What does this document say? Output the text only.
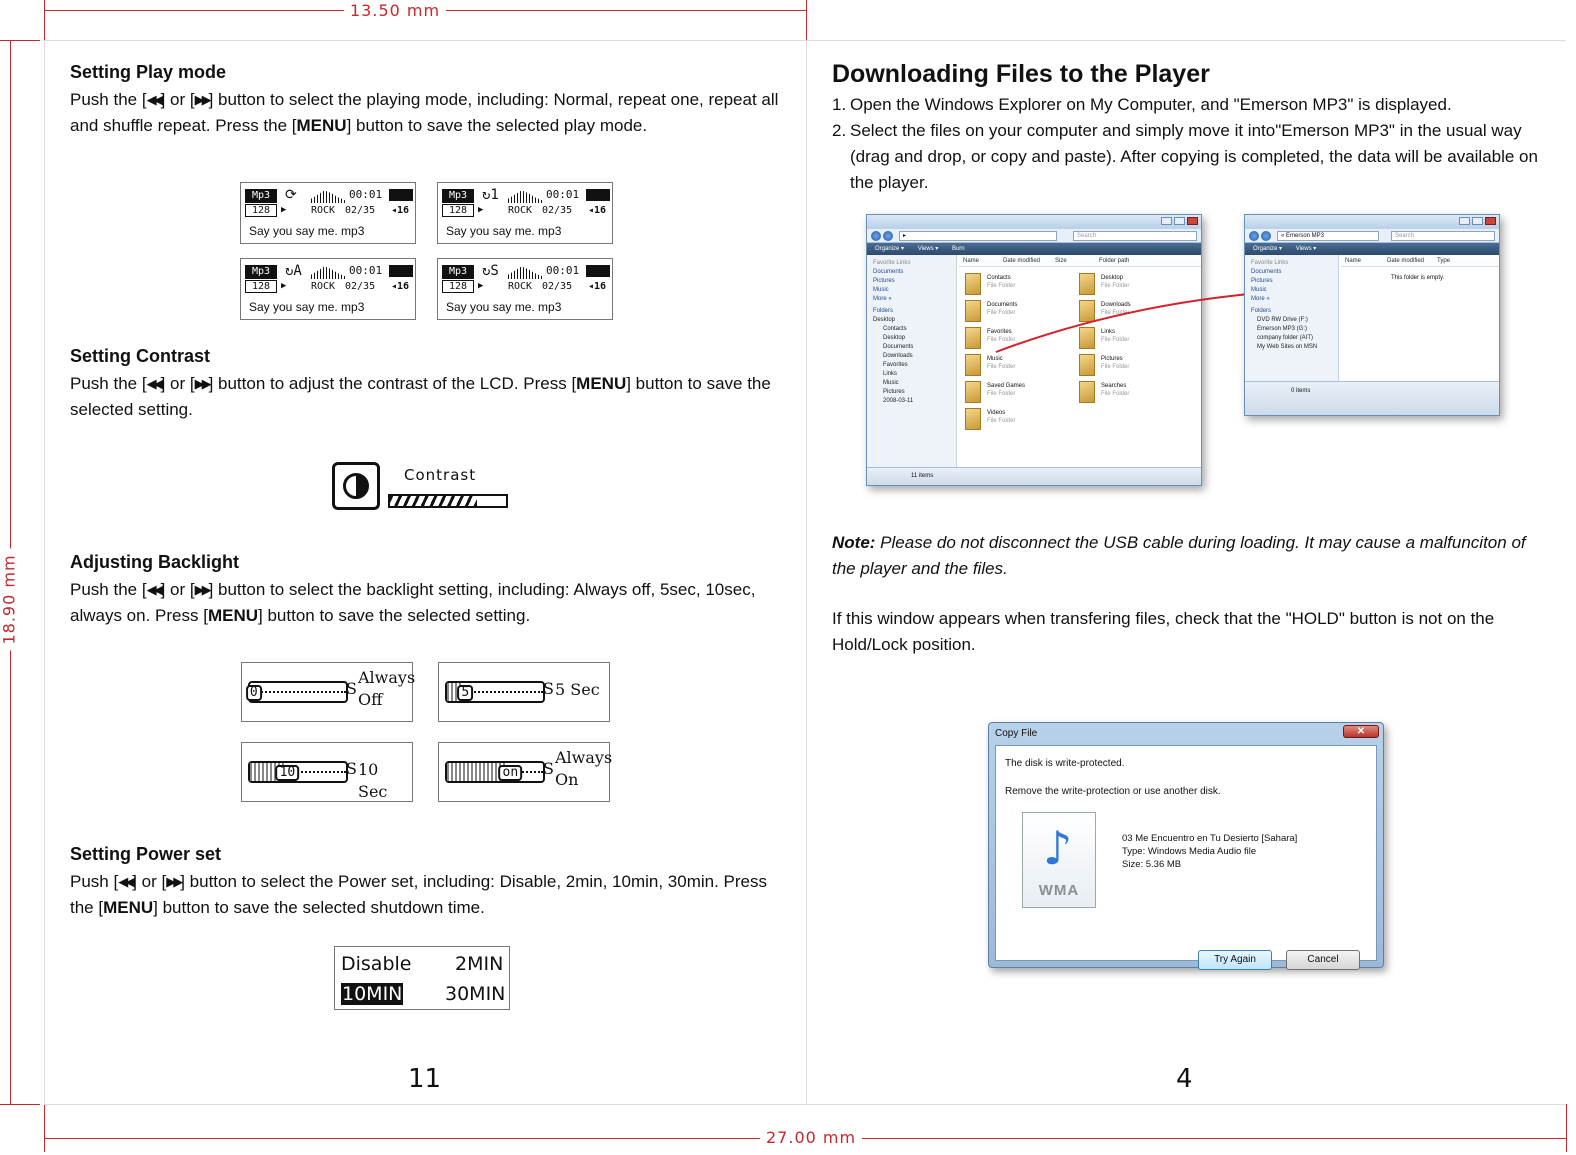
13.50 mm
18.90 mm
27.00 mm
Setting Play mode
Push the [◀◀] or [▶▶] button to select the playing mode, including: Normal, repeat one, repeat all and shuffle repeat. Press the [MENU] button to save the selected play mode.
Mp3
128
⟳	00:01
▶ ROCK 02/35 ◂16
Say you say me. mp3
Mp3
128
↻1	00:01
▶ ROCK 02/35 ◂16
Say you say me. mp3
Mp3
128
↻A	00:01
▶ ROCK 02/35 ◂16
Say you say me. mp3
Mp3
128
↻S	00:01
▶ ROCK 02/35 ◂16
Say you say me. mp3
Setting Contrast
Push the [◀◀] or [▶▶] button to adjust the contrast of the LCD. Press [MENU] button to save the selected setting.
Contrast
Adjusting Backlight
Push the [◀◀] or [▶▶] button to select the backlight setting, including: Always off, 5sec, 10sec, always on. Press [MENU] button to save the selected setting.
0	S
Always
Off	5	S 5 Sec
10	S 10 Sec
on S
Always
On
Setting Power set
Push [◀◀] or [▶▶] button to select the Power set, including: Disable, 2min, 10min, 30min. Press the [MENU] button to save the selected shutdown time.
Disable 2MIN
10MIN 30MIN
11
Downloading Files to the Player
1. Open the Windows Explorer on My Computer, and "Emerson MP3" is displayed.
2. Select the files on your computer and simply move it into"Emerson MP3" in the usual way (drag and drop, or copy and paste). After copying is completed, the data will be available on the player.
▸	Search
Organize ▾ Views ▾ Burn
Favorite Links
Documents
Pictures
Music
More »
Folders
Desktop
Contacts
Desktop
Documents
Downloads
Favorites
Links
Music
Pictures
2008-03-11
Name	Date modified Size	Folder path
11 items
Contacts
File Folder
Desktop
File Folder
Documents
File Folder
Downloads
File Folder
Favorites
File Folder
Links
File Folder
Music
File Folder
Pictures
File Folder
Saved Games
File Folder
Searches
File Folder
Videos
File Folder
« Emerson MP3	Search
Organize ▾ Views ▾
Favorite Links
Documents
Pictures
Music
More »
Folders
DVD RW Drive (F:)
Emerson MP3 (G:)
company folder (AIT)
My Web Sites on MSN
Name	Date modified Type
This folder is empty.
0 items
Note: Please do not disconnect the USB cable during loading. It may cause a malfunciton of the player and the files.
If this window appears when transfering files, check that the "HOLD" button is not on the Hold/Lock position.
Copy File	✕
The disk is write-protected.
Remove the write-protection or use another disk.
♪
WMA
03 Me Encuentro en Tu Desierto [Sahara]
Type: Windows Media Audio file
Size: 5.36 MB
Try Again	Cancel
4
